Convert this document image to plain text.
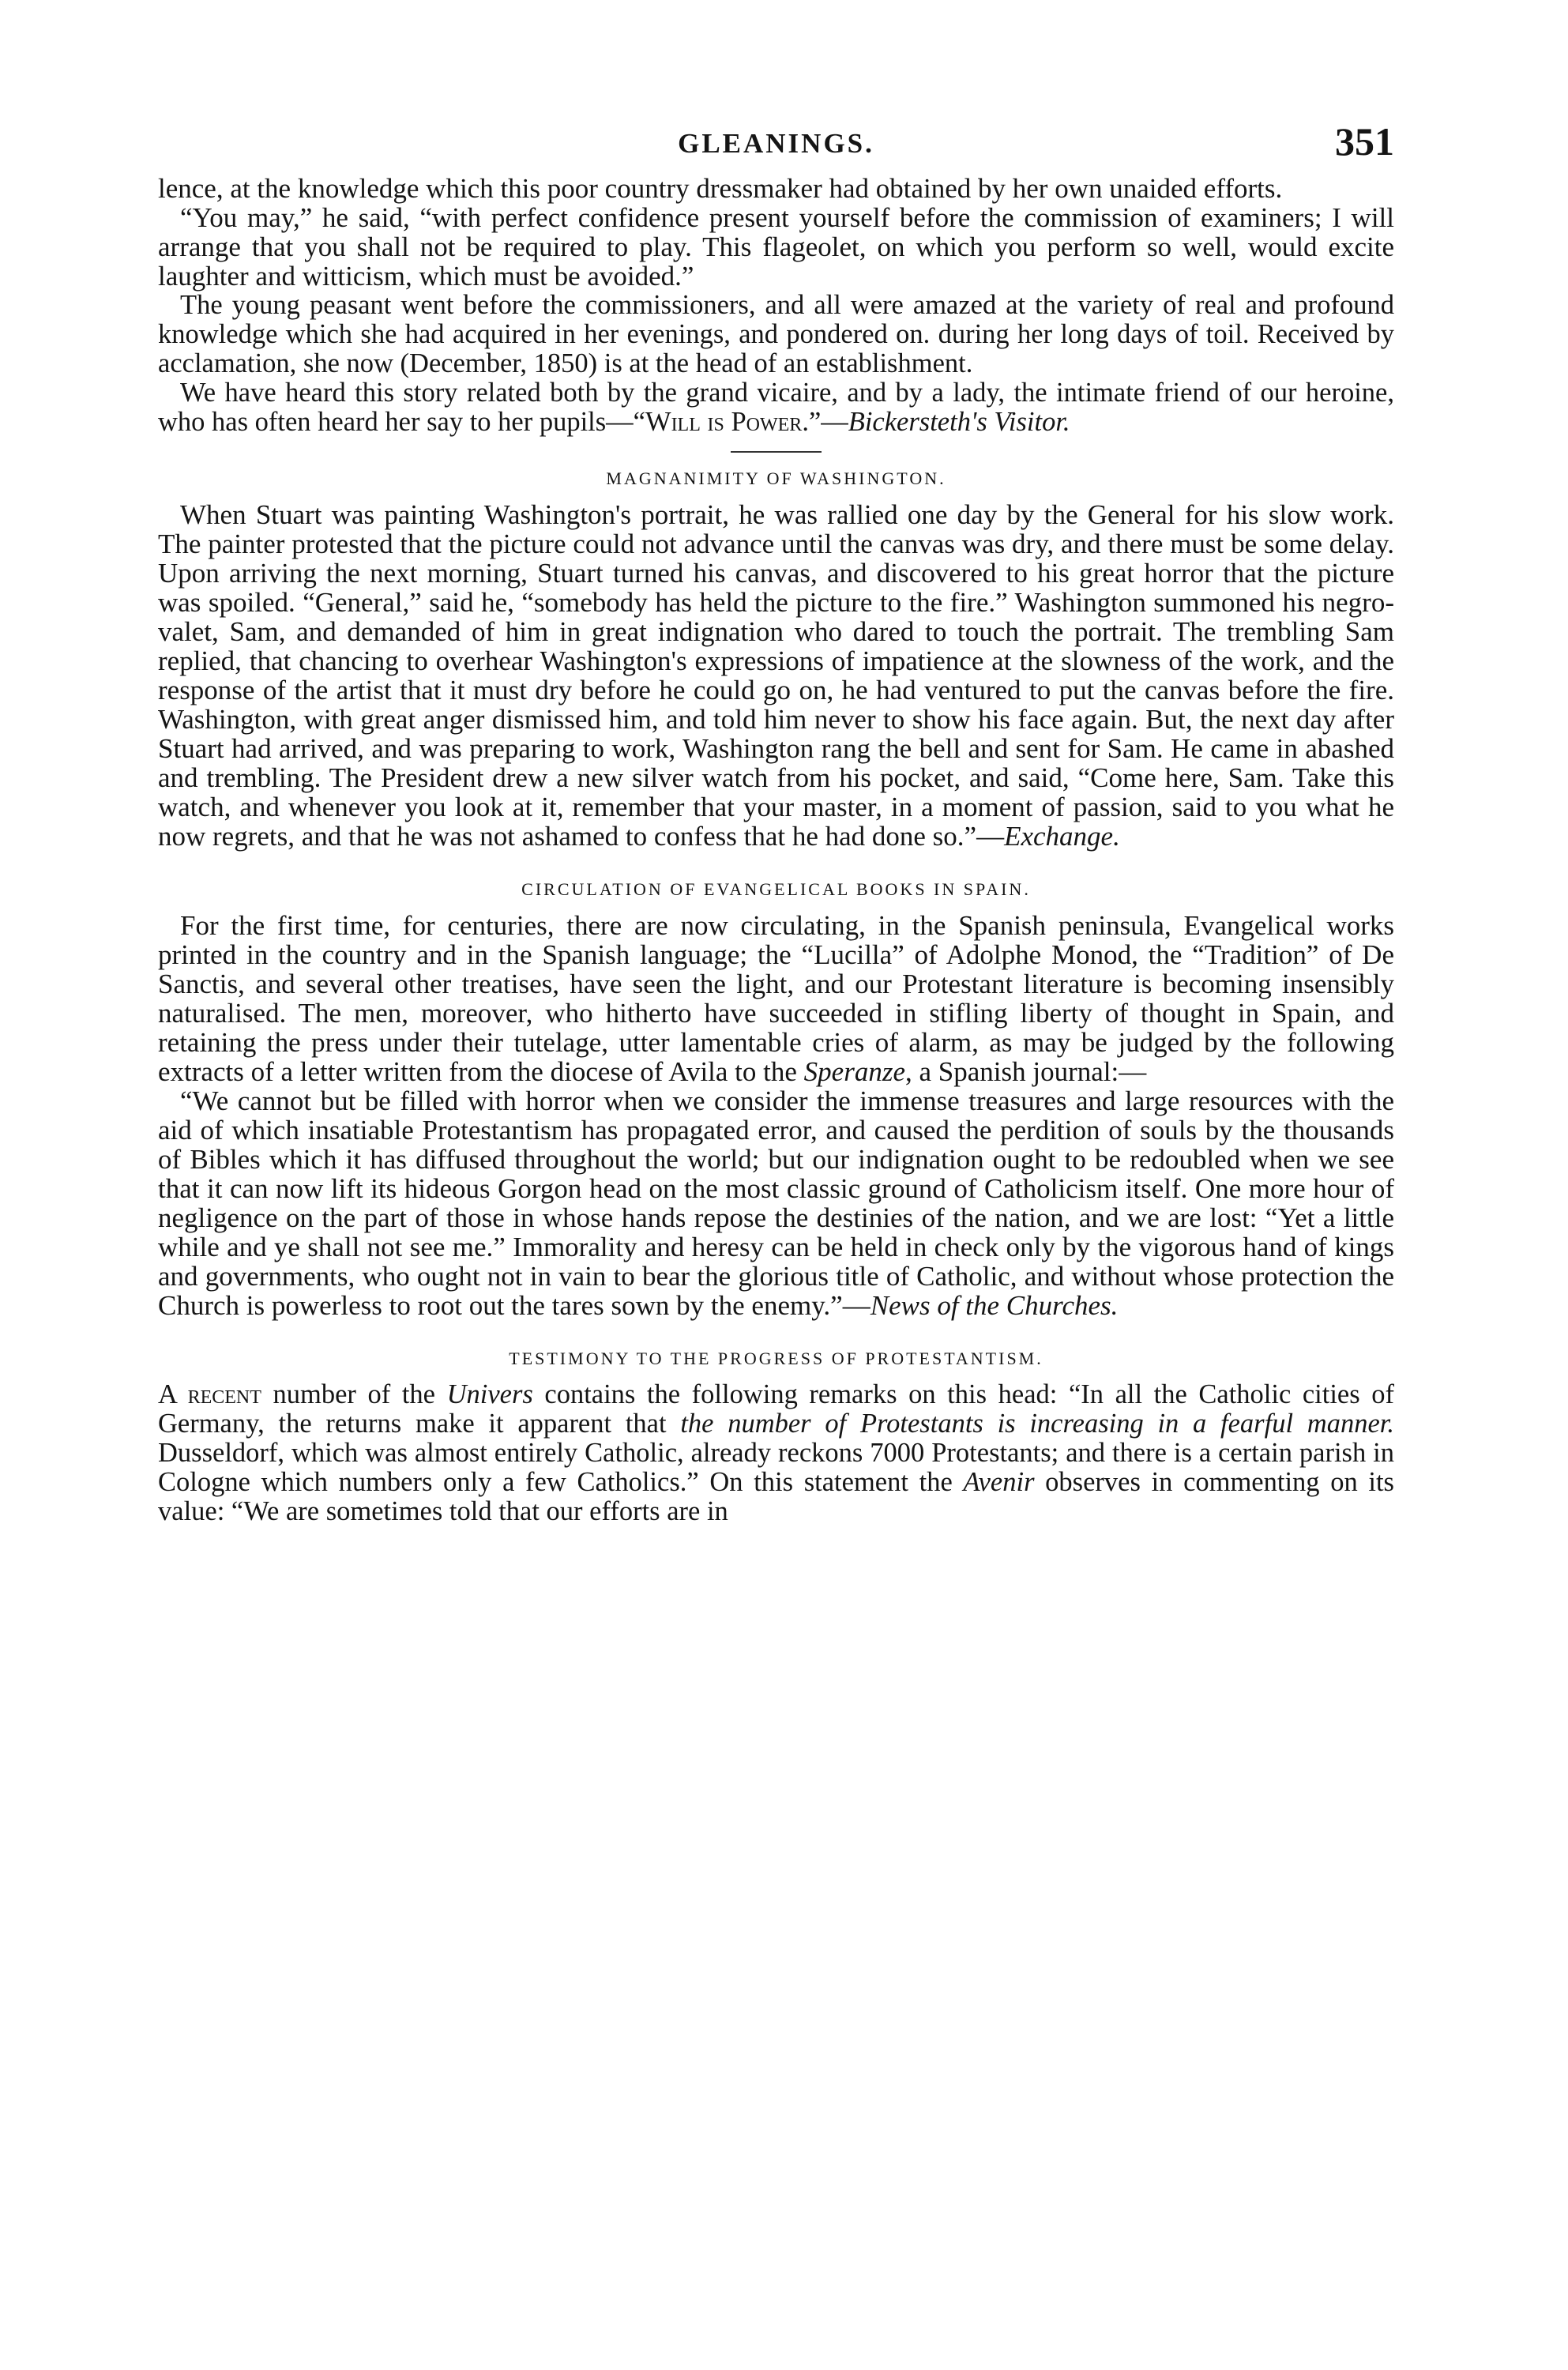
GLEANINGS.	351

lence, at the knowledge which this poor country dressmaker had obtained by her own unaided efforts.

“You may,” he said, “with perfect confidence present yourself before the commission of examiners; I will arrange that you shall not be required to play. This flageolet, on which you perform so well, would excite laughter and witticism, which must be avoided.”

The young peasant went before the commissioners, and all were amazed at the variety of real and profound knowledge which she had acquired in her evenings, and pondered on. during her long days of toil. Received by acclamation, she now (December, 1850) is at the head of an establishment.

We have heard this story related both by the grand vicaire, and by a lady, the intimate friend of our heroine, who has often heard her say to her pupils—“Will is Power.”—Bickersteth's Visitor.

MAGNANIMITY OF WASHINGTON.

When Stuart was painting Washington's portrait, he was rallied one day by the General for his slow work. The painter protested that the picture could not advance until the canvas was dry, and there must be some delay. Upon arriving the next morning, Stuart turned his canvas, and discovered to his great horror that the picture was spoiled. “General,” said he, “somebody has held the picture to the fire.” Washington summoned his negro-valet, Sam, and demanded of him in great indignation who dared to touch the portrait. The trembling Sam replied, that chancing to overhear Washington's expressions of impatience at the slowness of the work, and the response of the artist that it must dry before he could go on, he had ventured to put the canvas before the fire. Washington, with great anger dismissed him, and told him never to show his face again. But, the next day after Stuart had arrived, and was preparing to work, Washington rang the bell and sent for Sam. He came in abashed and trembling. The President drew a new silver watch from his pocket, and said, “Come here, Sam. Take this watch, and whenever you look at it, remember that your master, in a moment of passion, said to you what he now regrets, and that he was not ashamed to confess that he had done so.”—Exchange.

CIRCULATION OF EVANGELICAL BOOKS IN SPAIN.

For the first time, for centuries, there are now circulating, in the Spanish peninsula, Evangelical works printed in the country and in the Spanish language; the “Lucilla” of Adolphe Monod, the “Tradition” of De Sanctis, and several other treatises, have seen the light, and our Protestant literature is becoming insensibly naturalised. The men, moreover, who hitherto have succeeded in stifling liberty of thought in Spain, and retaining the press under their tutelage, utter lamentable cries of alarm, as may be judged by the following extracts of a letter written from the diocese of Avila to the Speranze, a Spanish journal:—

“We cannot but be filled with horror when we consider the immense treasures and large resources with the aid of which insatiable Protestantism has propagated error, and caused the perdition of souls by the thousands of Bibles which it has diffused throughout the world; but our indignation ought to be redoubled when we see that it can now lift its hideous Gorgon head on the most classic ground of Catholicism itself. One more hour of negligence on the part of those in whose hands repose the destinies of the nation, and we are lost: “Yet a little while and ye shall not see me.” Immorality and heresy can be held in check only by the vigorous hand of kings and governments, who ought not in vain to bear the glorious title of Catholic, and without whose protection the Church is powerless to root out the tares sown by the enemy.”—News of the Churches.

TESTIMONY TO THE PROGRESS OF PROTESTANTISM.

A recent number of the Univers contains the following remarks on this head: “In all the Catholic cities of Germany, the returns make it apparent that the number of Protestants is increasing in a fearful manner. Dusseldorf, which was almost entirely Catholic, already reckons 7000 Protestants; and there is a certain parish in Cologne which numbers only a few Catholics.” On this statement the Avenir observes in commenting on its value: “We are sometimes told that our efforts are in
